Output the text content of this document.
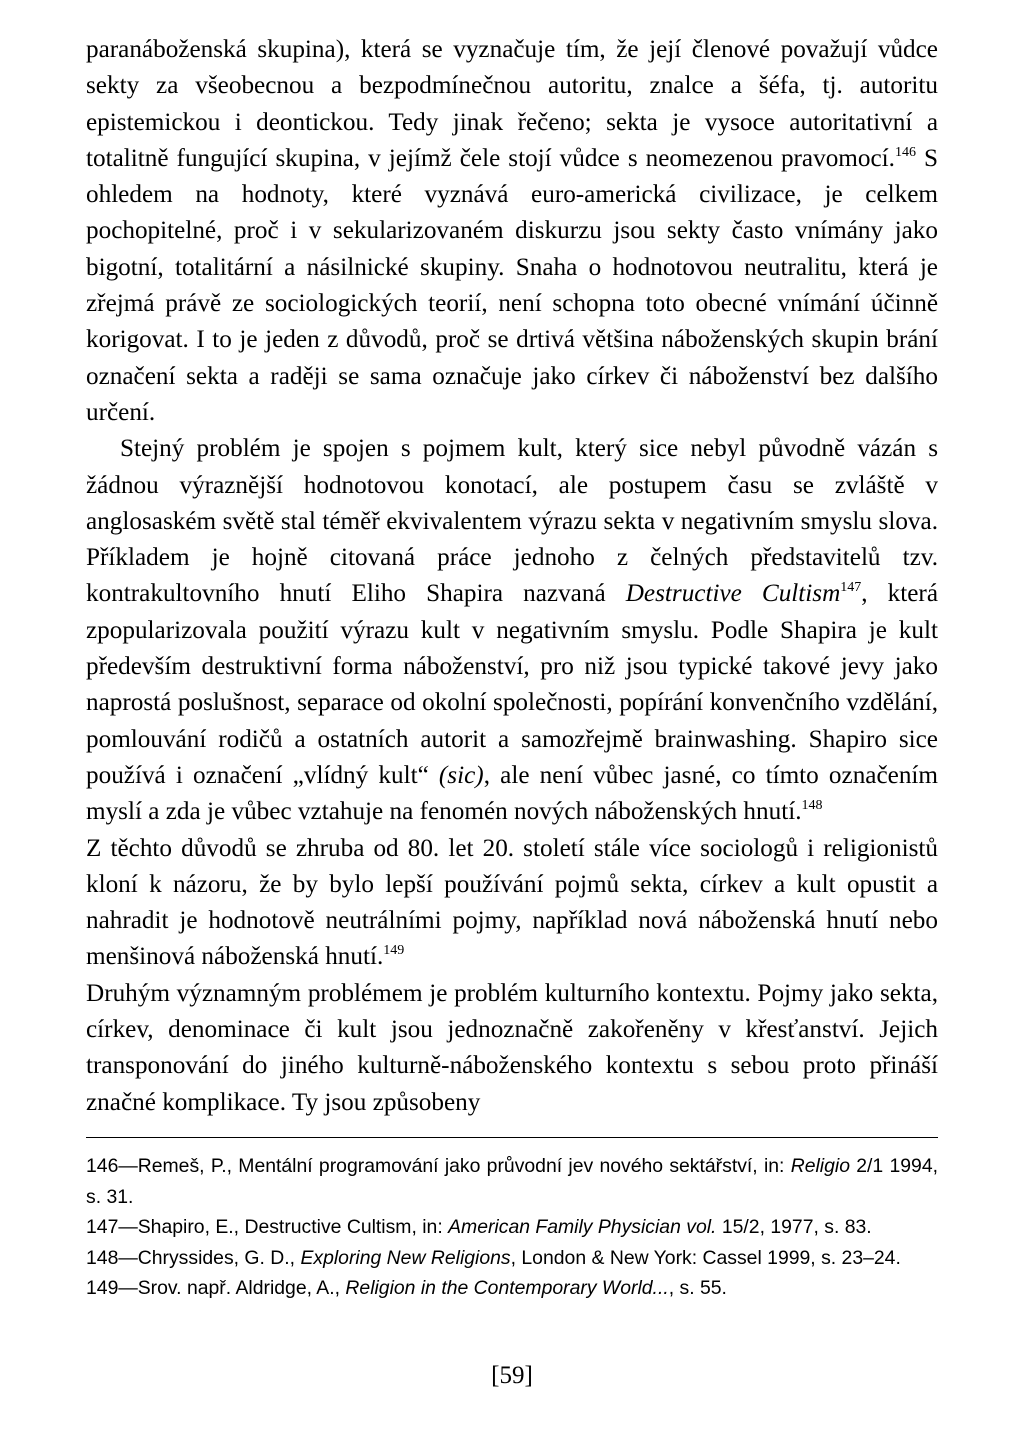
paranáboženská skupina), která se vyznačuje tím, že její členové považují vůdce sekty za všeobecnou a bezpodmínečnou autoritu, znalce a šéfa, tj. autoritu epistemickou i deontickou. Tedy jinak řečeno; sekta je vysoce autoritativní a totalitně fungující skupina, v jejímž čele stojí vůdce s neomezenou pravomocí.$^{146}$ S ohledem na hodnoty, které vyznává euro-americká civilizace, je celkem pochopitelné, proč i v sekularizovaném diskurzu jsou sekty často vnímány jako bigotní, totalitární a násilnické skupiny. Snaha o hodnotovou neutralitu, která je zřejmá právě ze sociologických teorií, není schopna toto obecné vnímání účinně korigovat. I to je jeden z důvodů, proč se drtivá většina náboženských skupin brání označení sekta a raději se sama označuje jako církev či náboženství bez dalšího určení.

Stejný problém je spojen s pojmem kult, který sice nebyl původně vázán s žádnou výraznější hodnotovou konotací, ale postupem času se zvláště v anglosaském světě stal téměř ekvivalentem výrazu sekta v negativním smyslu slova. Příkladem je hojně citovaná práce jednoho z čelných představitelů tzv. kontrakultovního hnutí Eliho Shapira nazvaná Destructive Cultism$^{147}$, která zpopularizovala použití výrazu kult v negativním smyslu. Podle Shapira je kult především destruktivní forma náboženství, pro niž jsou typické takové jevy jako naprostá poslušnost, separace od okolní společnosti, popírání konvenčního vzdělání, pomlouvání rodičů a ostatních autorit a samozřejmě brainwashing. Shapiro sice používá i označení „vlídný kult“ (sic), ale není vůbec jasné, co tímto označením myslí a zda je vůbec vztahuje na fenomén nových náboženských hnutí.$^{148}$

Z těchto důvodů se zhruba od 80. let 20. století stále více sociologů i religionistů kloní k názoru, že by bylo lepší používání pojmů sekta, církev a kult opustit a nahradit je hodnotově neutrálními pojmy, například nová náboženská hnutí nebo menšinová náboženská hnutí.$^{149}$

Druhým významným problémem je problém kulturního kontextu. Pojmy jako sekta, církev, denominace či kult jsou jednoznačně zakořeněny v křesťanství. Jejich transponování do jiného kulturně-náboženského kontextu s sebou proto přináší značné komplikace. Ty jsou způsobeny

146—Remeš, P., Mentální programování jako průvodní jev nového sektářství, in: Religio 2/1 1994, s. 31.

147—Shapiro, E., Destructive Cultism, in: American Family Physician vol. 15/2, 1977, s. 83.

148—Chryssides, G. D., Exploring New Religions, London & New York: Cassel 1999, s. 23–24.

149—Srov. např. Aldridge, A., Religion in the Contemporary World..., s. 55.

[59]
